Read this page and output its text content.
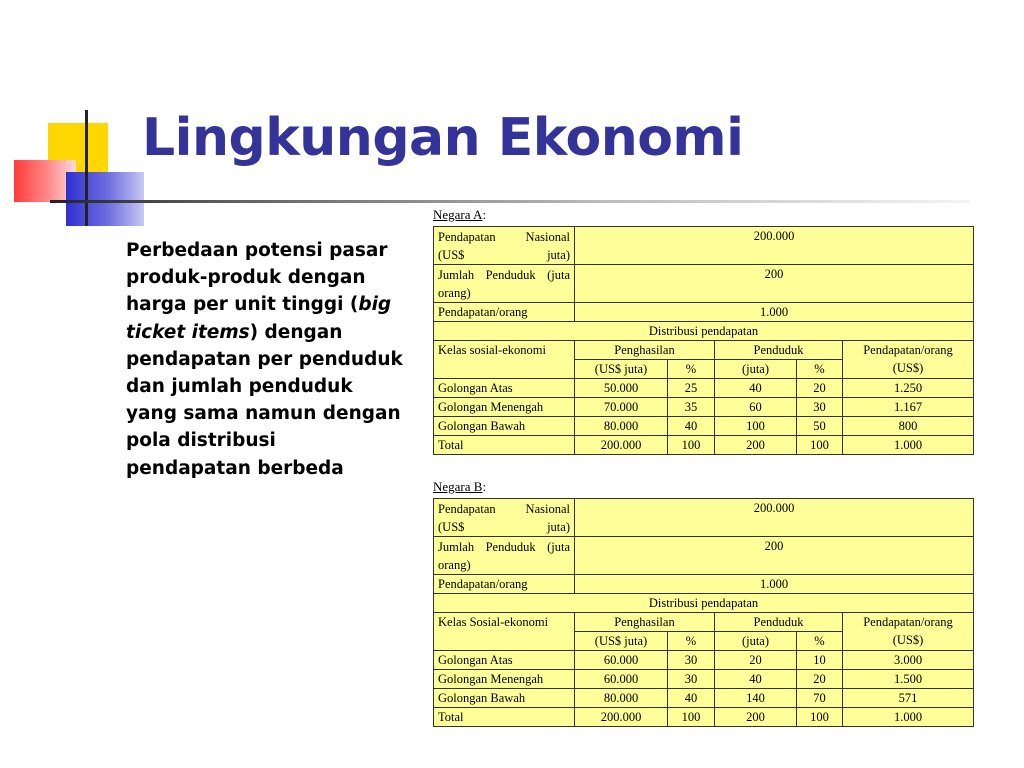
Lingkungan Ekonomi

Perbedaan potensi pasar produk-produk dengan harga per unit tinggi (big ticket items) dengan pendapatan per penduduk dan jumlah penduduk yang sama namun dengan pola distribusi pendapatan berbeda

Negara A:
Pendapatan Nasional (US$ juta)	200.000				
Jumlah Penduduk (juta orang)	200				
Pendapatan/orang	1.000				
Distribusi pendapatan					
Kelas sosial-ekonomi	Penghasilan		Penduduk		Pendapatan/orang (US$)
	(US$ juta)	%	(juta)	%	
Golongan Atas	50.000	25	40	20	1.250
Golongan Menengah	70.000	35	60	30	1.167
Golongan Bawah	80.000	40	100	50	800
Total	200.000	100	200	100	1.000
Negara B:
Pendapatan Nasional (US$ juta)	200.000				
Jumlah Penduduk (juta orang)	200				
Pendapatan/orang	1.000				
Distribusi pendapatan					
Kelas Sosial-ekonomi	Penghasilan		Penduduk		Pendapatan/orang (US$)
	(US$ juta)	%	(juta)	%	
Golongan Atas	60.000	30	20	10	3.000
Golongan Menengah	60.000	30	40	20	1.500
Golongan Bawah	80.000	40	140	70	571
Total	200.000	100	200	100	1.000
